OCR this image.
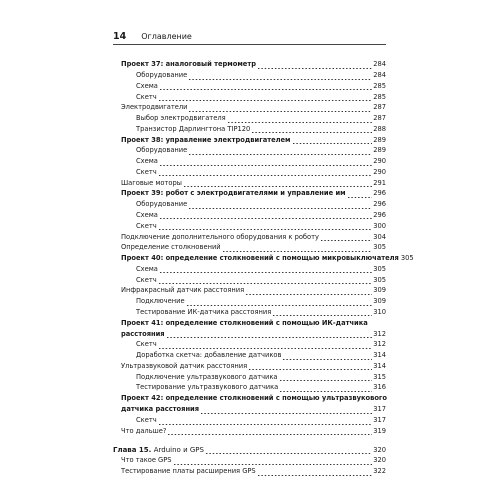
14 Оглавление
Проект 37: аналоговый термометр	284
Оборудование	284
Схема	285
Скетч	285
Электродвигатели	287
Выбор электродвигателя	287
Транзистор Дарлингтона TIP120	288
Проект 38: управление электродвигателем	289
Оборудование	289
Схема	290
Скетч	290
Шаговые моторы	291
Проект 39: робот с электродвигателями и управление им	296
Оборудование	296
Схема	296
Скетч	300
Подключение дополнительного оборудования к роботу	304
Определение столкновений	305
Проект 40: определение столкновений с помощью микровыключателя 305
Схема	305
Скетч	305
Инфракрасный датчик расстояния	309
Подключение	309
Тестирование ИК-датчика расстояния	310
Проект 41: определение столкновений с помощью ИК-датчика
расстояния	312
Скетч	312
Доработка скетча: добавление датчиков	314
Ультразвуковой датчик расстояния	314
Подключение ультразвукового датчика	315
Тестирование ультразвукового датчика	316
Проект 42: определение столкновений с помощью ультразвукового
датчика расстояния	317
Скетч	317
Что дальше?	319
Глава 15. Arduino и GPS	320
Что такое GPS	320
Тестирование платы расширения GPS	322
